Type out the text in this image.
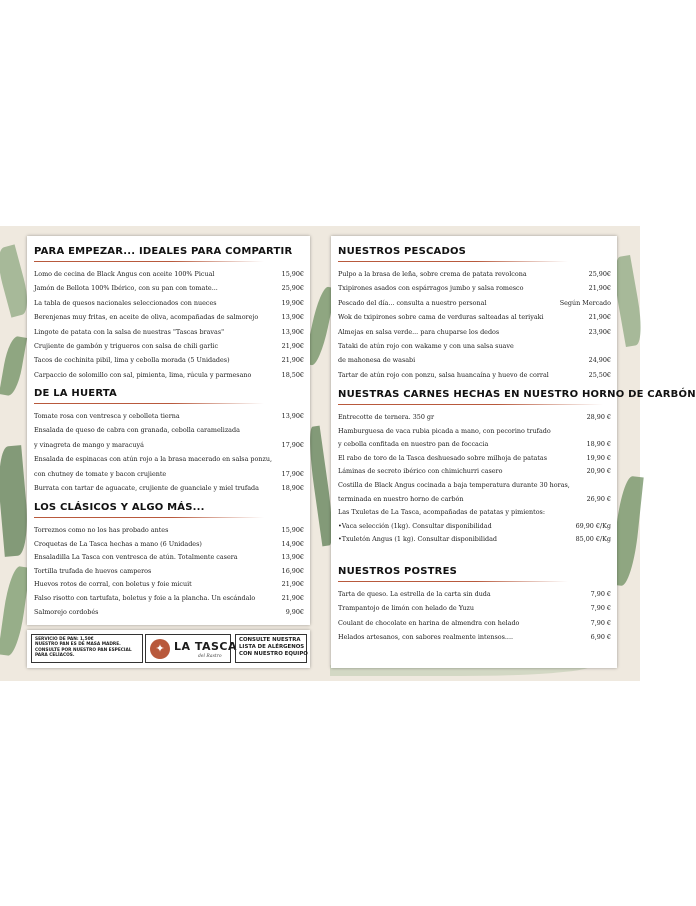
PARA EMPEZAR... IDEALES PARA COMPARTIR
Lomo de cecina de Black Angus con aceite 100% Picual	15,90€
Jamón de Bellota 100% Ibérico, con su pan con tomate...	25,90€
La tabla de quesos nacionales seleccionados con nueces	19,90€
Berenjenas muy fritas, en aceite de oliva, acompañadas de salmorejo	13,90€
Lingote de patata con la salsa de nuestras "Tascas bravas"	13,90€
Crujiente de gambón y trigueros con salsa de chili garlic	21,90€
Tacos de cochinita pibil, lima y cebolla morada (5 Unidades)	21,90€
Carpaccio de solomillo con sal, pimienta, lima, rúcula y parmesano	18,50€
DE LA HUERTA
Tomate rosa con ventresca y cebolleta tierna	13,90€
Ensalada de queso de cabra con granada, cebolla caramelizada
y vinagreta de mango y maracuyá	17,90€
Ensalada de espinacas con atún rojo a la brasa macerado en salsa ponzu,
con chutney de tomate y bacon crujiente	17,90€
Burrata con tartar de aguacate, crujiente de guanciale y miel trufada	18,90€
LOS CLÁSICOS Y ALGO MÁS...
Torreznos como no los has probado antes	15,90€
Croquetas de La Tasca hechas a mano (6 Unidades)	14,90€
Ensaladilla La Tasca con ventresca de atún. Totalmente casera	13,90€
Tortilla trufada de huevos camperos	16,90€
Huevos rotos de corral, con boletus y foie micuit	21,90€
Falso risotto con tartufata, boletus y foie a la plancha. Un escándalo	21,90€
Salmorejo cordobés	9,90€
SERVICIO DE PAN: 1,50€
NUESTRO PAN ES DE MASA MADRE.
CONSULTE POR NUESTRO PAN ESPECIAL
PARA CELÍACOS.
✦ LA TASCA
del Rastro
CONSULTE NUESTRA
LISTA DE ALÉRGENOS
CON NUESTRO EQUIPO
NUESTROS PESCADOS
Pulpo a la brasa de leña, sobre crema de patata revolcona	25,90€
Txipirones asados con espárragos jumbo y salsa romesco	21,90€
Pescado del día... consulta a nuestro personal	Según Mercado
Wok de txipirones sobre cama de verduras salteadas al teriyaki	21,90€
Almejas en salsa verde... para chuparse los dedos	23,90€
Tataki de atún rojo con wakame y con una salsa suave
de mahonesa de wasabi	24,90€
Tartar de atún rojo con ponzu, salsa huancaína y huevo de corral	25,50€
NUESTRAS CARNES HECHAS EN NUESTRO HORNO DE CARBÓN
Entrecotte de ternera. 350 gr	28,90 €
Hamburguesa de vaca rubia picada a mano, con pecorino trufado
y cebolla confitada en nuestro pan de foccacia	18,90 €
El rabo de toro de la Tasca deshuesado sobre milhoja de patatas	19,90 €
Láminas de secreto ibérico con chimichurri casero	20,90 €
Costilla de Black Angus cocinada a baja temperatura durante 30 horas,
terminada en nuestro horno de carbón	26,90 €
Las Txuletas de La Tasca, acompañadas de patatas y pimientos:
•Vaca selección (1kg). Consultar disponibilidad	69,90 €/Kg
•Txuletón Angus (1 kg). Consultar disponibilidad	85,00 €/Kg
NUESTROS POSTRES
Tarta de queso. La estrella de la carta sin duda	7,90 €
Trampantojo de limón con helado de Yuzu	7,90 €
Coulant de chocolate en harina de almendra con helado	7,90 €
Helados artesanos, con sabores realmente intensos....	6,90 €
